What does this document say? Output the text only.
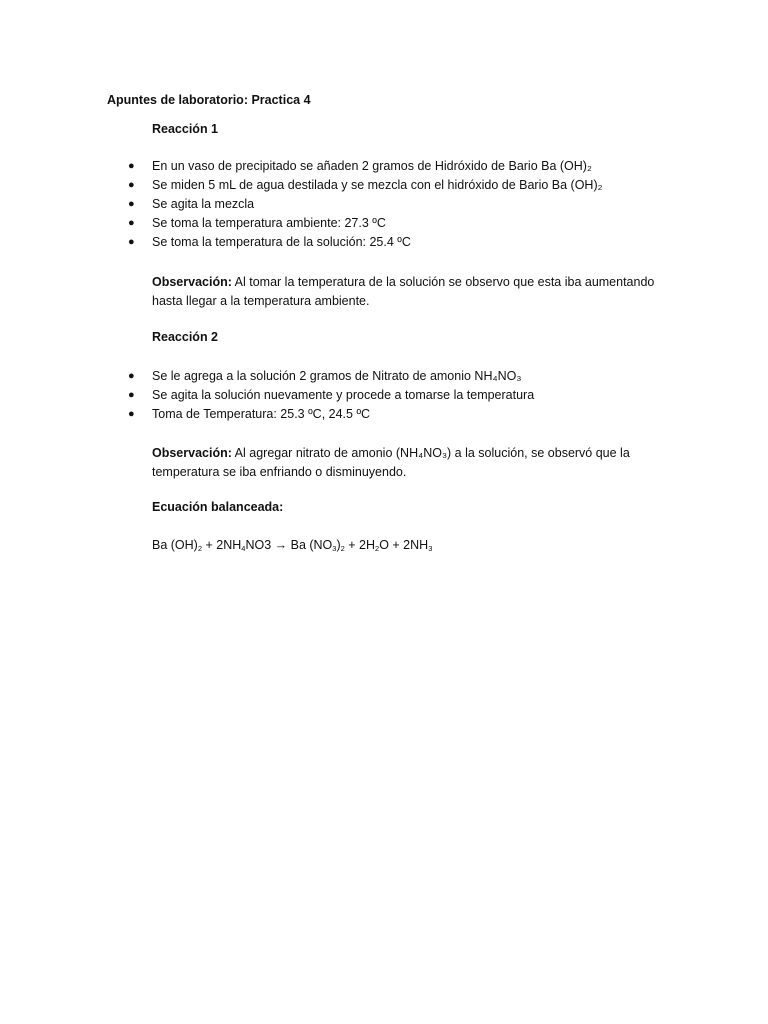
Apuntes de laboratorio: Practica 4
Reacción 1
● En un vaso de precipitado se añaden 2 gramos de Hidróxido de Bario Ba (OH)₂
● Se miden 5 mL de agua destilada y se mezcla con el hidróxido de Bario Ba (OH)₂
● Se agita la mezcla
● Se toma la temperatura ambiente: 27.3 ºC
● Se toma la temperatura de la solución: 25.4 ºC
Observación: Al tomar la temperatura de la solución se observo que esta iba aumentando hasta llegar a la temperatura ambiente.
Reacción 2
● Se le agrega a la solución 2 gramos de Nitrato de amonio NH₄NO₃
● Se agita la solución nuevamente y procede a tomarse la temperatura
● Toma de Temperatura: 25.3 ºC, 24.5 ºC
Observación: Al agregar nitrato de amonio (NH₄NO₃) a la solución, se observó que la temperatura se iba enfriando o disminuyendo.
Ecuación balanceada:
Ba $(OH)_2 + 2NH_4NO3 \to Ba$ $(NO_3)_2 + 2H_2O + 2NH_3$
